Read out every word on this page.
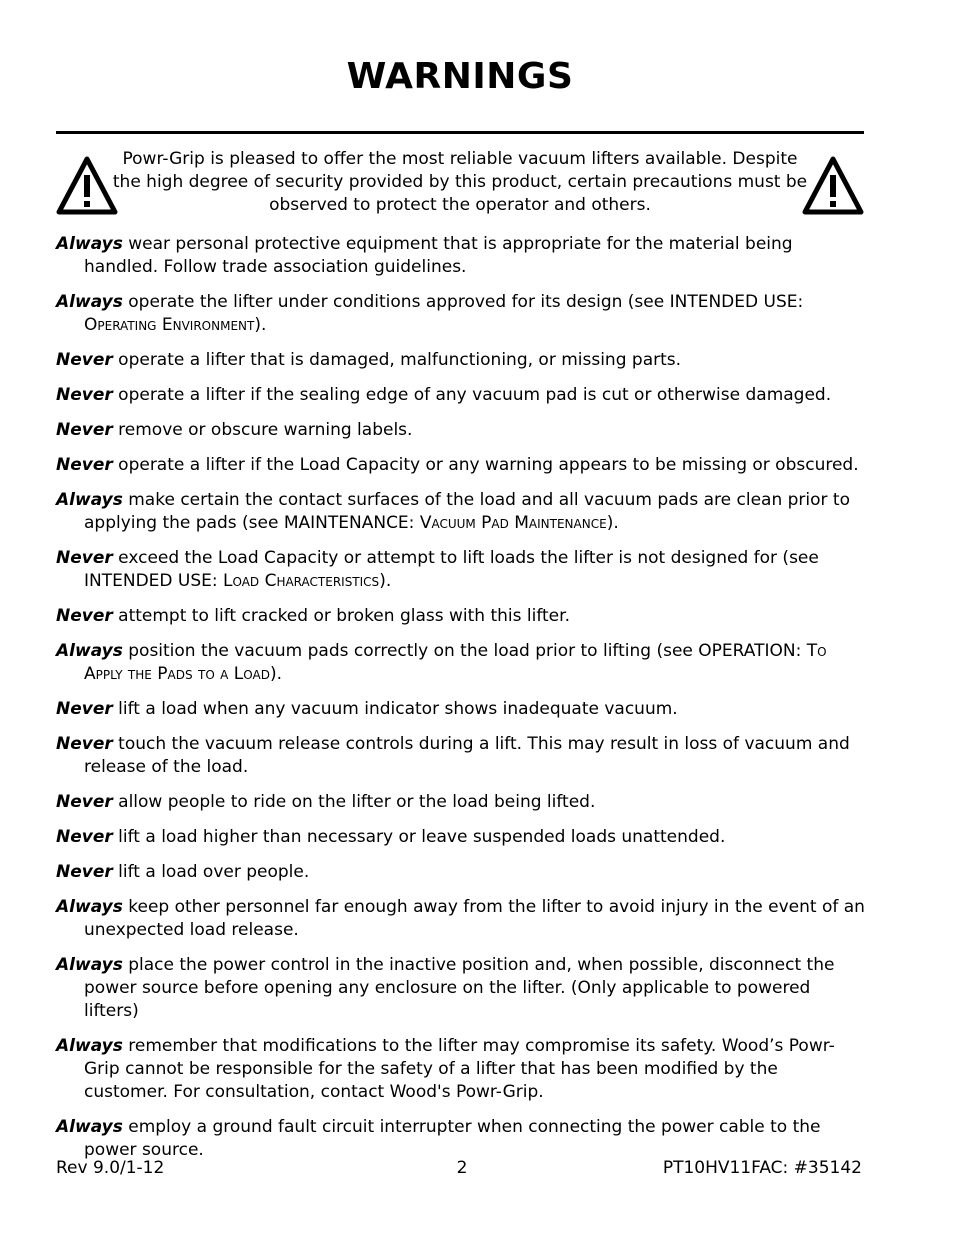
WARNINGS
Powr-Grip is pleased to offer the most reliable vacuum lifters available. Despite the high degree of security provided by this product, certain precautions must be observed to protect the operator and others.
Always wear personal protective equipment that is appropriate for the material being handled. Follow trade association guidelines.
Always operate the lifter under conditions approved for its design (see INTENDED USE: Operating Environment).
Never operate a lifter that is damaged, malfunctioning, or missing parts.
Never operate a lifter if the sealing edge of any vacuum pad is cut or otherwise damaged.
Never remove or obscure warning labels.
Never operate a lifter if the Load Capacity or any warning appears to be missing or obscured.
Always make certain the contact surfaces of the load and all vacuum pads are clean prior to applying the pads (see MAINTENANCE: Vacuum Pad Maintenance).
Never exceed the Load Capacity or attempt to lift loads the lifter is not designed for (see INTENDED USE: Load Characteristics).
Never attempt to lift cracked or broken glass with this lifter.
Always position the vacuum pads correctly on the load prior to lifting (see OPERATION: To Apply the Pads to a Load).
Never lift a load when any vacuum indicator shows inadequate vacuum.
Never touch the vacuum release controls during a lift. This may result in loss of vacuum and release of the load.
Never allow people to ride on the lifter or the load being lifted.
Never lift a load higher than necessary or leave suspended loads unattended.
Never lift a load over people.
Always keep other personnel far enough away from the lifter to avoid injury in the event of an unexpected load release.
Always place the power control in the inactive position and, when possible, disconnect the power source before opening any enclosure on the lifter. (Only applicable to powered lifters)
Always remember that modifications to the lifter may compromise its safety. Wood’s Powr-Grip cannot be responsible for the safety of a lifter that has been modified by the customer. For consultation, contact Wood's Powr-Grip.
Always employ a ground fault circuit interrupter when connecting the power cable to the power source.
Rev 9.0/1-12	2	PT10HV11FAC: #35142
